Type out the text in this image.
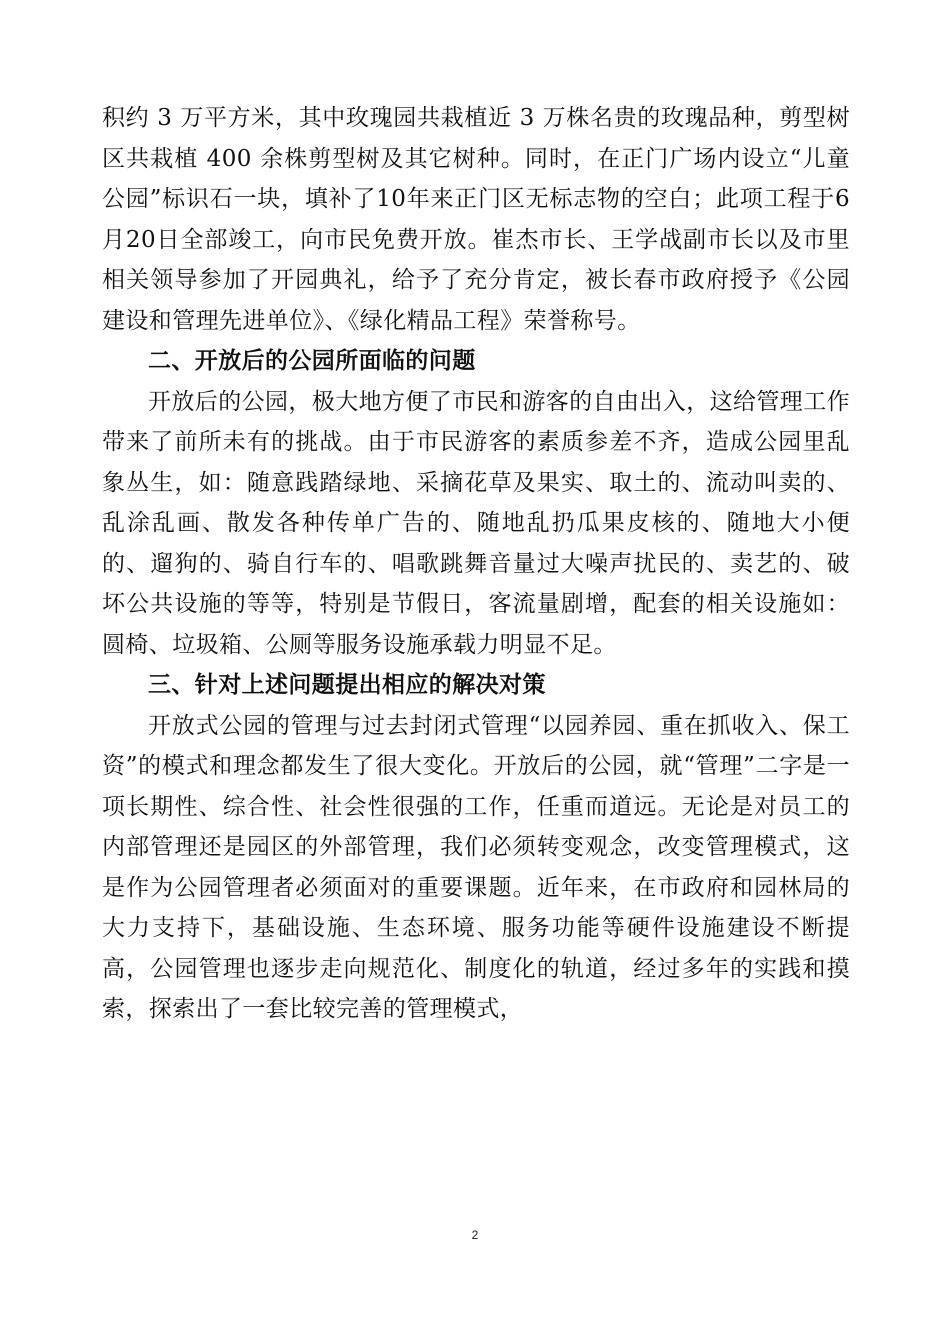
积约 3 万平方米，其中玫瑰园共栽植近 3 万株名贵的玫瑰品种，剪型树区共栽植 400 余株剪型树及其它树种。同时，在正门广场内设立“儿童公园”标识石一块，填补了10年来正门区无标志物的空白；此项工程于6月20日全部竣工，向市民免费开放。崔杰市长、王学战副市长以及市里相关领导参加了开园典礼，给予了充分肯定，被长春市政府授予《公园建设和管理先进单位》、《绿化精品工程》荣誉称号。

二、开放后的公园所面临的问题

开放后的公园，极大地方便了市民和游客的自由出入，这给管理工作带来了前所未有的挑战。由于市民游客的素质参差不齐，造成公园里乱象丛生，如：随意践踏绿地、采摘花草及果实、取土的、流动叫卖的、乱涂乱画、散发各种传单广告的、随地乱扔瓜果皮核的、随地大小便的、遛狗的、骑自行车的、唱歌跳舞音量过大噪声扰民的、卖艺的、破坏公共设施的等等，特别是节假日，客流量剧增，配套的相关设施如：圆椅、垃圾箱、公厕等服务设施承载力明显不足。

三、针对上述问题提出相应的解决对策

开放式公园的管理与过去封闭式管理“以园养园、重在抓收入、保工资”的模式和理念都发生了很大变化。开放后的公园，就“管理”二字是一项长期性、综合性、社会性很强的工作，任重而道远。无论是对员工的内部管理还是园区的外部管理，我们必须转变观念，改变管理模式，这是作为公园管理者必须面对的重要课题。近年来，在市政府和园林局的大力支持下，基础设施、生态环境、服务功能等硬件设施建设不断提高，公园管理也逐步走向规范化、制度化的轨道，经过多年的实践和摸索，探索出了一套比较完善的管理模式，

2
